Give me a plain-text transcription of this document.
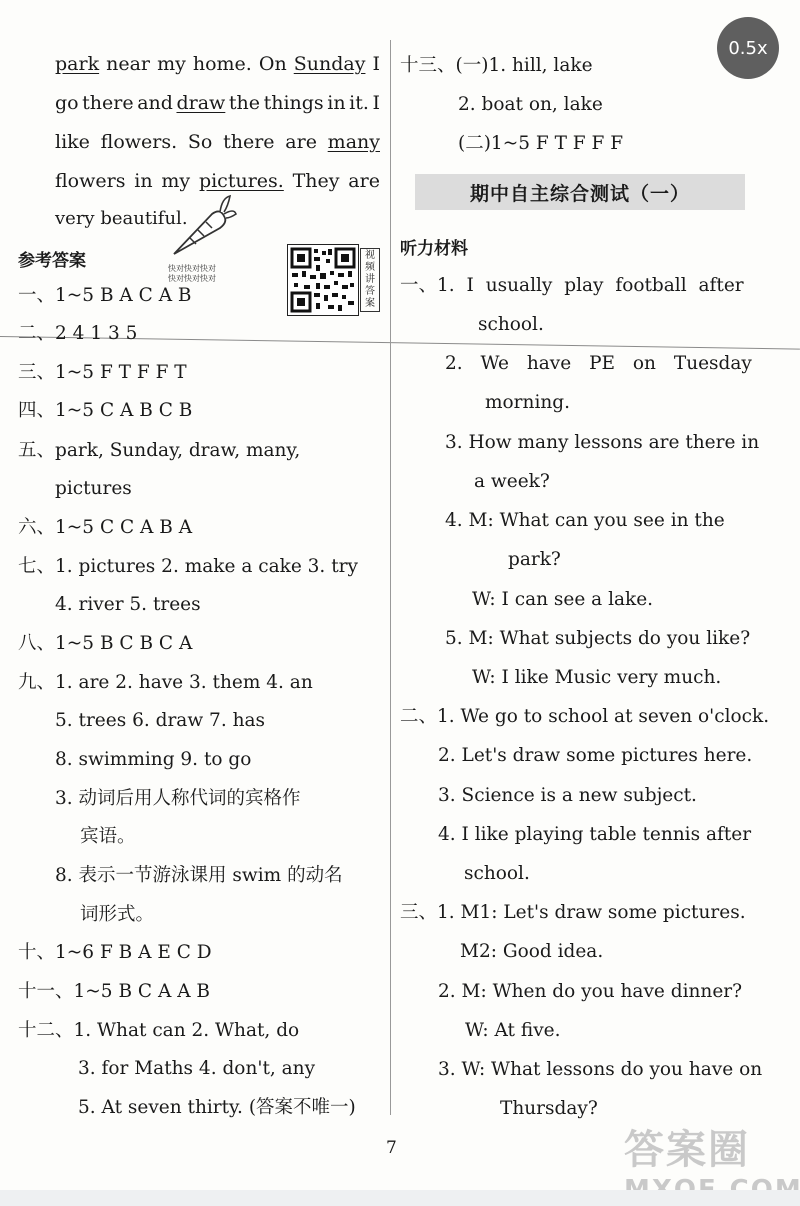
0.5x
park near my home. On Sunday I
go there and draw the things in it. I
like flowers. So there are many
flowers in my pictures. They are
very beautiful.
快对快对快对
快对快对快对
参考答案	视频讲答案
一、1~5 B A C A B
二、2 4 1 3 5
三、1~5 F T F F T
四、1~5 C A B C B
五、park, Sunday, draw, many,
pictures
六、1~5 C C A B A
七、1. pictures 2. make a cake 3. try
4. river 5. trees
八、1~5 B C B C A
九、1. are 2. have 3. them 4. an
5. trees 6. draw 7. has
8. swimming 9. to go
3. 动词后用人称代词的宾格作
宾语。
8. 表示一节游泳课用 swim 的动名
词形式。
十、1~6 F B A E C D
十一、1~5 B C A A B
十二、1. What can 2. What, do
3. for Maths 4. don't, any
5. At seven thirty. (答案不唯一)
十三、(一)1. hill, lake
2. boat on, lake
(二)1~5 F T F F F
期中自主综合测试（一）
听力材料
一、1. I usually play football after
school.
2. We have PE on Tuesday
morning.
3. How many lessons are there in
a week?
4. M: What can you see in the
park?
W: I can see a lake.
5. M: What subjects do you like?
W: I like Music very much.
二、1. We go to school at seven o'clock.
2. Let's draw some pictures here.
3. Science is a new subject.
4. I like playing table tennis after
school.
三、1. M1: Let's draw some pictures.
M2: Good idea.
2. M: When do you have dinner?
W: At five.
3. W: What lessons do you have on
Thursday?
7	答案圈
